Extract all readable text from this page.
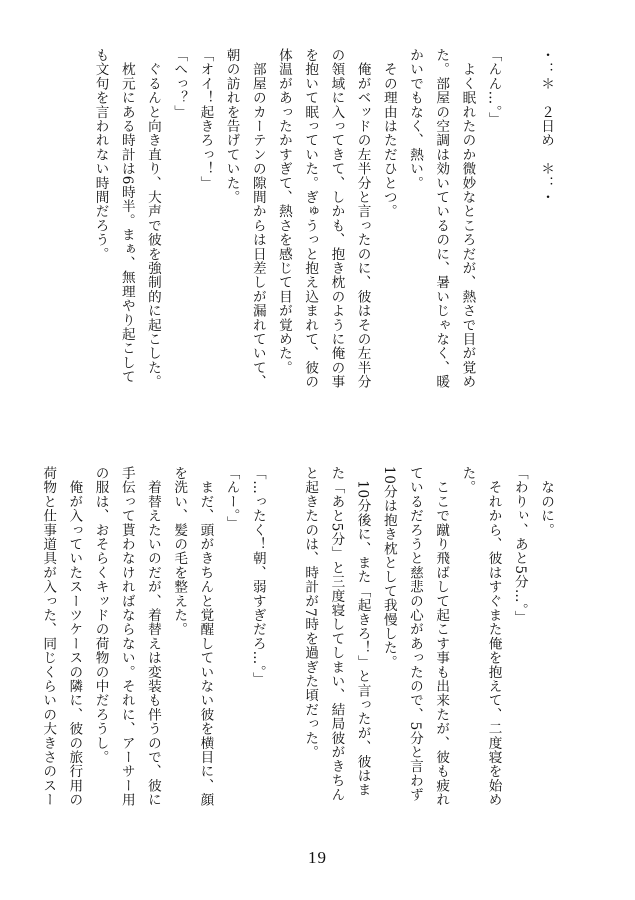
・：＊　２日め　＊：・

「んん…。」

　よく眠れたのか微妙なところだが、熱さで目が覚め

た。部屋の空調は効いているのに、暑いじゃなく、暖

かいでもなく、熱い。

　その理由はただひとつ。

　俺がベッドの左半分と言ったのに、彼はその左半分

の領域に入ってきて、しかも、抱き枕のように俺の事

を抱いて眠っていた。ぎゅうっと抱え込まれて、彼の

体温があったかすぎて、熱さを感じて目が覚めた。

　部屋のカーテンの隙間からは日差しが漏れていて、

朝の訪れを告げていた。

「オイ！起きろっ！」

「へっ？」

　ぐるんと向き直り、大声で彼を強制的に起こした。

　枕元にある時計は6時半。まぁ、無理やり起こして

も文句を言われない時間だろう。

　なのに。

「わりぃ、あと5分…。」

　それから、彼はすぐまた俺を抱えて、二度寝を始め

た。

　ここで蹴り飛ばして起こす事も出来たが、彼も疲れ

ているだろうと慈悲の心があったので、5分と言わず

10分は抱き枕として我慢した。

　10分後に、また「起きろ！」と言ったが、彼はま

た「あと5分」と三度寝してしまい、結局彼がきちん

と起きたのは、時計が7時を過ぎた頃だった。

「…ったく！朝、弱すぎだろ…。」

「んー。」

　まだ、頭がきちんと覚醒していない彼を横目に、顔

を洗い、髪の毛を整えた。

　着替えたいのだが、着替えは変装も伴うので、彼に

手伝って貰わなければならない。それに、アーサー用

の服は、おそらくキッドの荷物の中だろうし。

　俺が入っていたスーツケースの隣に、彼の旅行用の

荷物と仕事道具が入った、同じくらいの大きさのスー

19
